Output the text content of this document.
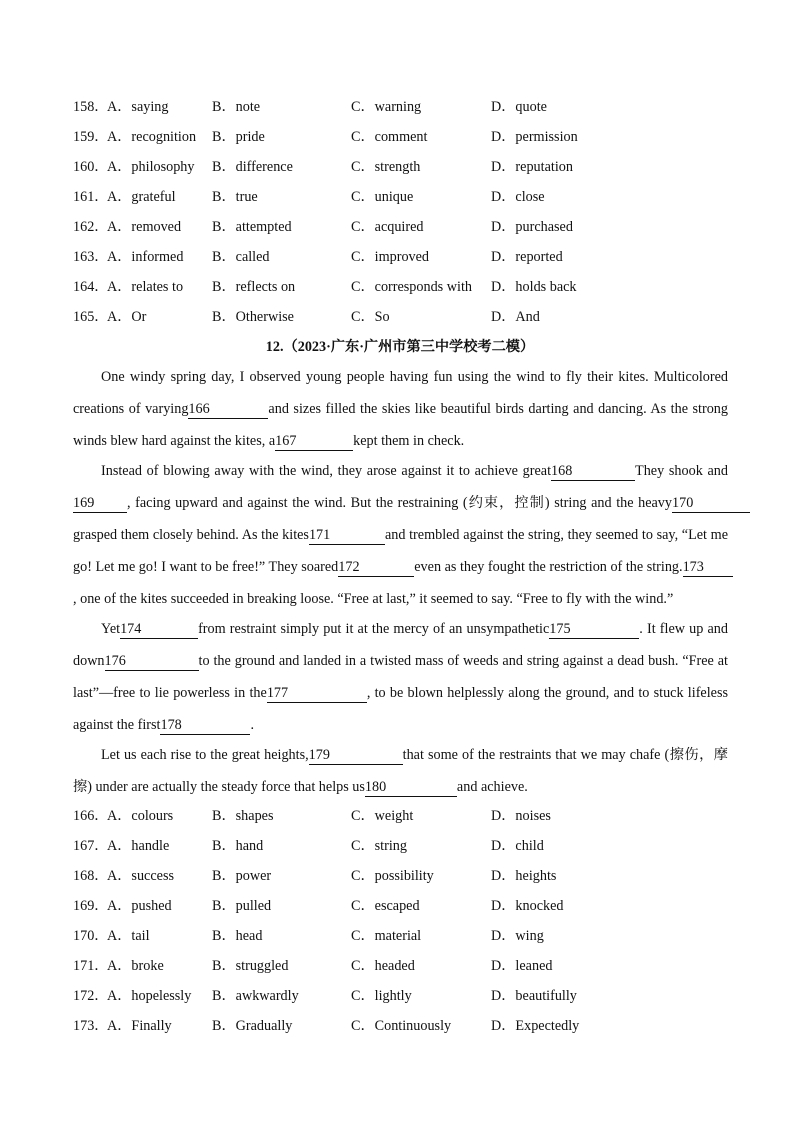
158．
A．saying	B．note	C．warning	D．quote
159．
A．recognition B．pride	C．comment	D．permission
160．
A．philosophy B．difference	C．strength	D．reputation
161．
A．grateful	B．true	C．unique	D．close
162．
A．removed B．attempted	C．acquired	D．purchased
163．
A．informed B．called	C．improved	D．reported
164．
A．relates to B．reflects on	C．corresponds with D．holds back
165．
A．Or	B．Otherwise	C．So	D．And
12.（2023·广东·广州市第三中学校考二模）
One windy spring day, I observed young people having fun using the wind to fly their kites. Multicolored
creations of varying166	and sizes filled the skies like beautiful birds darting and dancing. As the strong
winds blew hard against the kites, a167	kept them in check.
Instead of blowing away with the wind, they arose against it to achieve great168	They shook and
169 , facing upward and against the wind. But the restraining (约束，控制) string and the heavy170
grasped them closely behind. As the kites171	and trembled against the string, they seemed to say, “Let me
go! Let me go! I want to be free!” They soared172	even as they fought the restriction of the string.173
, one of the kites succeeded in breaking loose. “Free at last,” it seemed to say. “Free to fly with the wind.”
Yet174	from restraint simply put it at the mercy of an unsympathetic175	. It flew up and
down176	to the ground and landed in a twisted mass of weeds and string against a dead bush. “Free at
last”—free to lie powerless in the177	, to be blown helplessly along the ground, and to stuck lifeless
against the first178	.
Let us each rise to the great heights,179	that some of the restraints that we may chafe (擦伤，摩
擦) under are actually the steady force that helps us180	and achieve.
166．
A．colours	B．shapes	C．weight	D．noises
167．
A．handle	B．hand	C．string	D．child
168．
A．success	B．power	C．possibility	D．heights
169．
A．pushed	B．pulled	C．escaped	D．knocked
170．
A．tail	B．head	C．material	D．wing
171．
A．broke	B．struggled	C．headed	D．leaned
172．
A．hopelessly B．awkwardly	C．lightly	D．beautifully
173．
A．Finally	B．Gradually	C．Continuously	D．Expectedly
